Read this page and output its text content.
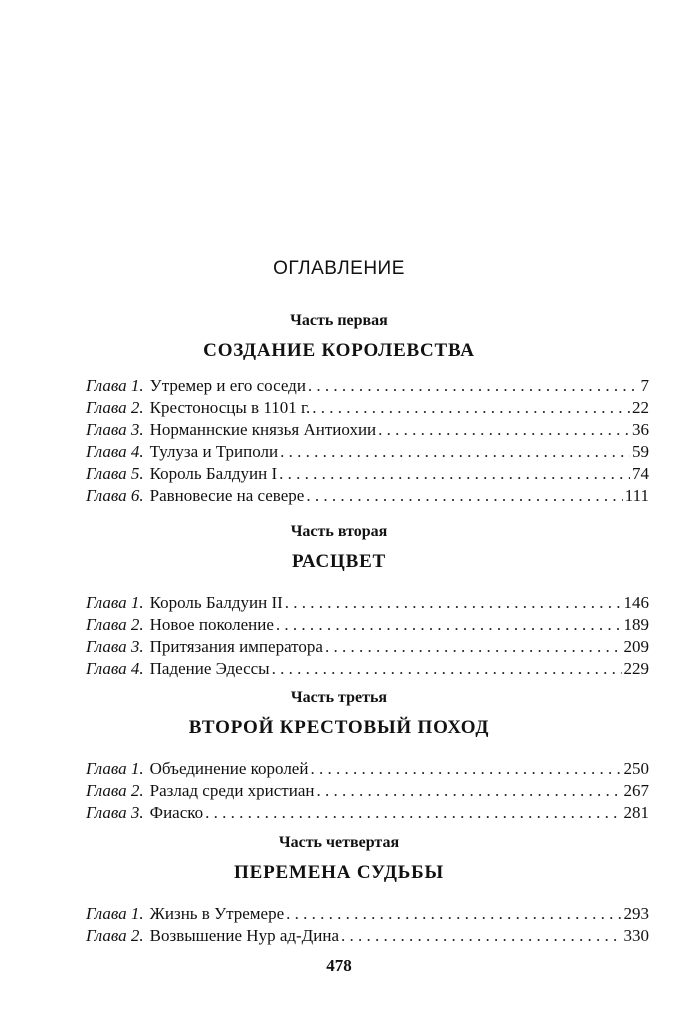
ОГЛАВЛЕНИЕ
Часть первая
СОЗДАНИЕ КОРОЛЕВСТВА
Глава 1. Утремер и его соседи . . .	7
Глава 2. Крестоносцы в 1101 г. . . .	22
Глава 3. Норманнские князья Антиохии . . .	36
Глава 4. Тулуза и Триполи . . .	59
Глава 5. Король Балдуин I . . .	74
Глава 6. Равновесие на севере . . .	111
Часть вторая
РАСЦВЕТ
Глава 1. Король Балдуин II . . .	146
Глава 2. Новое поколение . . .	189
Глава 3. Притязания императора . . .	209
Глава 4. Падение Эдессы . . .	229
Часть третья
ВТОРОЙ КРЕСТОВЫЙ ПОХОД
Глава 1. Объединение королей . . .	250
Глава 2. Разлад среди христиан . . .	267
Глава 3. Фиаско . . .	281
Часть четвертая
ПЕРЕМЕНА СУДЬБЫ
Глава 1. Жизнь в Утремере . . .	293
Глава 2. Возвышение Нур ад-Дина . . .	330
478
